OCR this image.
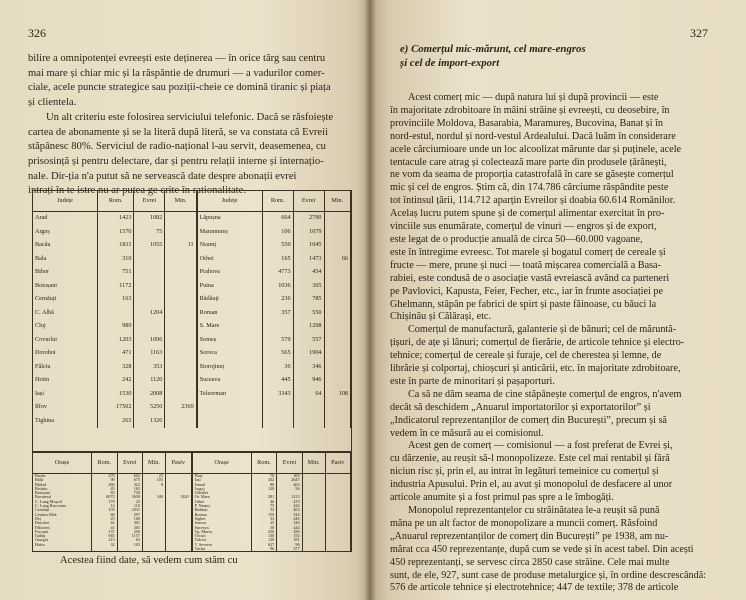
326
bilire a omnipotenței evreești este deținerea — în orice târg sau centru
mai mare și chiar mic și la răspântie de drumuri — a vadurilor comer-
ciale, acele puncte strategice sau poziții-cheie ce domină tiranic și piața
și clientela.
Un alt criteriu este folosirea serviciului telefonic. Dacă se răsfoiește
cartea de abonamente și se la literă după literă, se va constata că Evreii
stăpânesc 80%. Serviciul de radio-național l-au servit, deasemenea, cu
prisosință și pentru delectare, dar și pentru relații interne și internațio-
nale. Dir-ția n'a putut să ne servească date despre abonații evrei
intrați în te istre nu ar putea ge crite în rationalitate.
Județe	Rom.	Evrei	Min.	Județe	Rom.	Evrei	Min.
Arad	1423	1082		Lăpușna	664	2790	
Argeș	1570	75		Maramureș	106	1079	
Bacău	1811	1055	11	Neamț	550	1045	
Bala	310			Orhei	165	1473	66
Bihor	751			Prahova	4773	454	
Botoșani	1172			Putna	1036	365	
Cernăuți	163			Rădăuți	236	785	
C. Albă		1204		Roman	357	550	
Cluj	980			S. Mare		1208	
Covurlui	1203	1096		Someș	579	557	
Dorohoi	471	1163		Soroca	565	1904	
Fălciu	328	353		Storojineț	36	346	
Hotin	242	1120		Suceava	445	946	
Iași	1530	2008		Teleorman	3343	64	108
Ilfov	17502	5250	2369				
Tighina	265	1326					
Orașe	Rom.	Evrei	Min.	Pasiv	Orașe	Rom.	Evrei	Min.	Pasiv
Bacău	270	602	23		Huși	76	165		
Bălți	90	675	105		Iași	432	2647		
Bârlad	260	323	8		Ismail	80	463		
Bistrița	45	165			Lugoj	120	56		
Botoșani	83	730			Odorhei				
București	6072	3658	340	1420	Or. Mare	281	1213		
C. Lung Mușcel	179	25			Orhei	46	470		
C. Lung Bucovina	12	110			P. Neamț	75	422		
Cernăuți	103	2031			Rădăuți	52	403		
Cetatea Albă	60	297			Roman	150	544		
Dej	25	160			Sighet	33	446		
Dorohoi	42	301			Soroca	25	340		
Fălticeni	41	305			Suceava	50	424		
Focșani	137	256			Tg. Mureș	256	296		
Galați	945	1157			Tecuci	130	152		
Giurgiu	215	63			Tulcea	120	181		
Hotin	32	105			T. Severin	637	98		
					Vaslui	96	377		
Acestea fiind date, să vedem cum stăm cu
327
e) Comerțul mic-mărunt, cel mare-engros
și cel de import-export
Acest comerț mic — după natura lui și după provincii — este
în majoritate zdrobitoare în mâini străine și evreești, cu deosebire, în
provinciile Moldova, Basarabia, Maramureș, Bucovina, Banat și în
nord-estul, nordul și nord-vestul Ardealului. Dacă luăm în considerare
acele cârciumioare unde un loc alcoolizat mărunte dar și puținele, acele
tentacule care atrag și colectează mare parte din produsele țărănești,
ne vom da seama de proporția catastrofală în care se găsește comerțul
mic și cel de engros. Știm că, din 174.786 cârciume răspândite peste
tot întinsul țării, 114.712 aparțin Evreilor și doabia 60.614 Românilor.
Acelaș lucru putem spune și de comerțul alimentar exercitat în pro-
vinciile sus enumărate, comerțul de vinuri — engros și de export,
este legat de o producție anuală de circa 50—60.000 vagoane,
este în întregime evreesc. Tot marele și bogatul comerț de cereale și
fructe — mere, prune și nuci — toată mișcarea comercială a Basa-
rabiei, este condusă de o asociație vastă evreiască având ca parteneri
pe Pavlovici, Kapusta, Feier, Fecher, etc., iar în frunte asociației pe
Ghelmann, stăpân pe fabrici de spirt și paste făinoase, cu băuci la
Chișinău și Călărași, etc.
Comerțul de manufactură, galanterie și de bănuri; cel de măruntă-
țișuri, de ațe și lânuri; comerțul de fierărie, de articole tehnice și electro-
tehnice; comerțul de cereale și furaje, cel de cherestea și lemne, de
librărie și colportaj, chioșcuri și anticării, etc. în majoritate zdrobitoare,
este în parte de minoritari și pașaporturi.
Ca să ne dăm seama de cine stăpânește comerțul de engros, n'avem
decât să deschidem „Anuarul importatorilor și exportatorilor” și
„Indicatorul reprezentanților de comerț din București”, precum și să
vedem în ce măsură au ei comisionul.
Acest gen de comerț — comisionul — a fost preferat de Evrei și,
cu dărzenie, au reușit să-l monopolizeze. Este cel mai rentabil și fără
niciun risc și, prin el, au intrat în legături temeinice cu comerțul și
industria Apusului. Prin el, au avut și monopolul de desfacere al unor
articole anumite și a fost primul pas spre a le îmbogăți.
Monopolul reprezentanțelor cu străinătatea le-a reușit să pună
mâna pe un alt factor de monopolizare a muncii comerț. Răsfoind
„Anuarul reprezentanților de comerț din București” pe 1938, am nu-
mărat cca 450 reprezentanțe, după cum se vede și în acest tabel. Din acești
450 reprezentanți, se servesc circa 2850 case străine. Cele mai multe
sunt, de ele, 927, sunt case de produse metalurgice și, în ordine descrescândă:
576 de articole tehnice și electrotehnice; 447 de textile; 378 de articole
